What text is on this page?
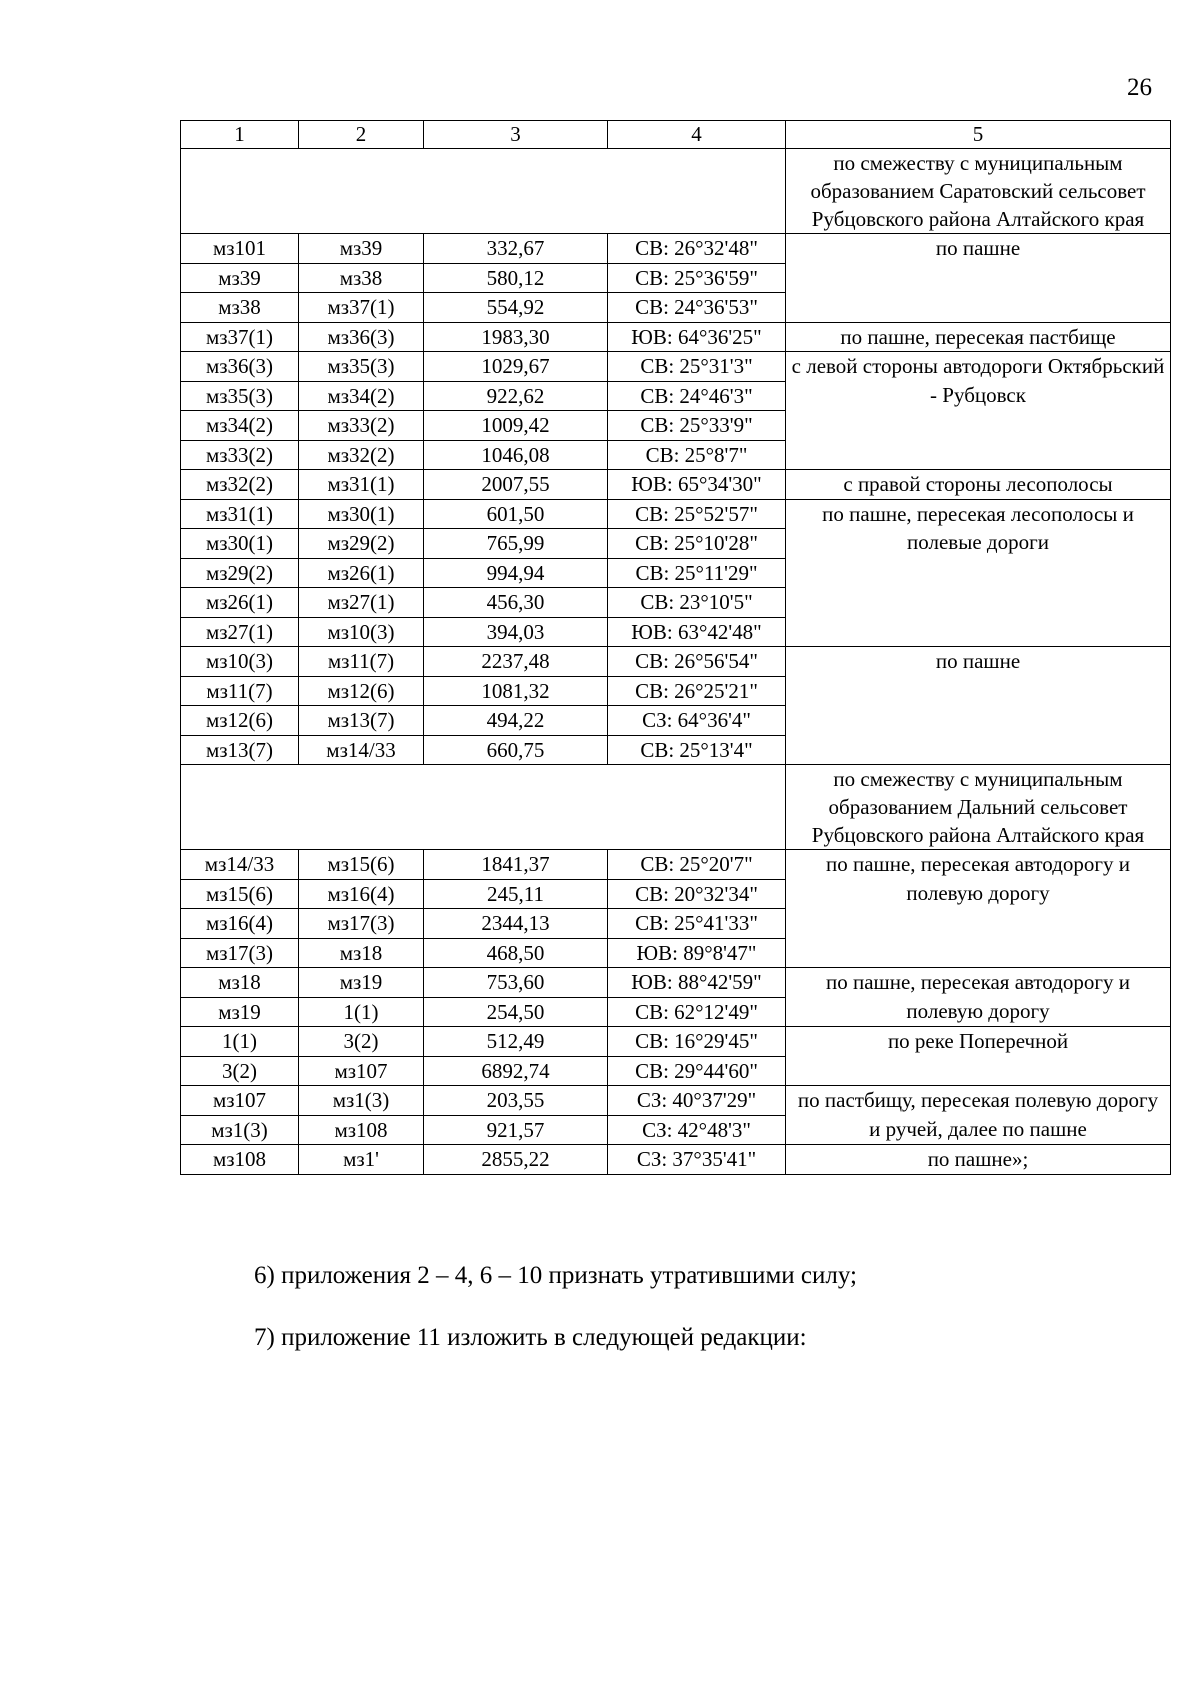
26
1	2	3	4	5
				по смежеству с муниципальным образованием Саратовский сельсовет Рубцовского района Алтайского края
мз101	мз39	332,67	СВ: 26°32'48"	по пашне
мз39	мз38	580,12	СВ: 25°36'59"	
мз38	мз37(1)	554,92	СВ: 24°36'53"	
мз37(1)	мз36(3)	1983,30	ЮВ: 64°36'25"	по пашне, пересекая пастбище
мз36(3)	мз35(3)	1029,67	СВ: 25°31'3"	с левой стороны автодороги Октябрьский - Рубцовск
мз35(3)	мз34(2)	922,62	СВ: 24°46'3"	
мз34(2)	мз33(2)	1009,42	СВ: 25°33'9"	
мз33(2)	мз32(2)	1046,08	СВ: 25°8'7"	
мз32(2)	мз31(1)	2007,55	ЮВ: 65°34'30"	с правой стороны лесополосы
мз31(1)	мз30(1)	601,50	СВ: 25°52'57"	по пашне, пересекая лесополосы и полевые дороги
мз30(1)	мз29(2)	765,99	СВ: 25°10'28"	
мз29(2)	мз26(1)	994,94	СВ: 25°11'29"	
мз26(1)	мз27(1)	456,30	СВ: 23°10'5"	
мз27(1)	мз10(3)	394,03	ЮВ: 63°42'48"	
мз10(3)	мз11(7)	2237,48	СВ: 26°56'54"	по пашне
мз11(7)	мз12(6)	1081,32	СВ: 26°25'21"	
мз12(6)	мз13(7)	494,22	СЗ: 64°36'4"	
мз13(7)	мз14/33	660,75	СВ: 25°13'4"	
				по смежеству с муниципальным образованием Дальний сельсовет Рубцовского района Алтайского края
мз14/33	мз15(6)	1841,37	СВ: 25°20'7"	по пашне, пересекая автодорогу и полевую дорогу
мз15(6)	мз16(4)	245,11	СВ: 20°32'34"	
мз16(4)	мз17(3)	2344,13	СВ: 25°41'33"	
мз17(3)	мз18	468,50	ЮВ: 89°8'47"	
мз18	мз19	753,60	ЮВ: 88°42'59"	по пашне, пересекая автодорогу и полевую дорогу
мз19	1(1)	254,50	СВ: 62°12'49"	
1(1)	3(2)	512,49	СВ: 16°29'45"	по реке Поперечной
3(2)	мз107	6892,74	СВ: 29°44'60"	
мз107	мз1(3)	203,55	СЗ: 40°37'29"	по пастбищу, пересекая полевую дорогу и ручей, далее по пашне
мз1(3)	мз108	921,57	СЗ: 42°48'3"	
мз108	мз1'	2855,22	СЗ: 37°35'41"	по пашне»;
6) приложения 2 – 4, 6 – 10 признать утратившими силу;
7) приложение 11 изложить в следующей редакции:
